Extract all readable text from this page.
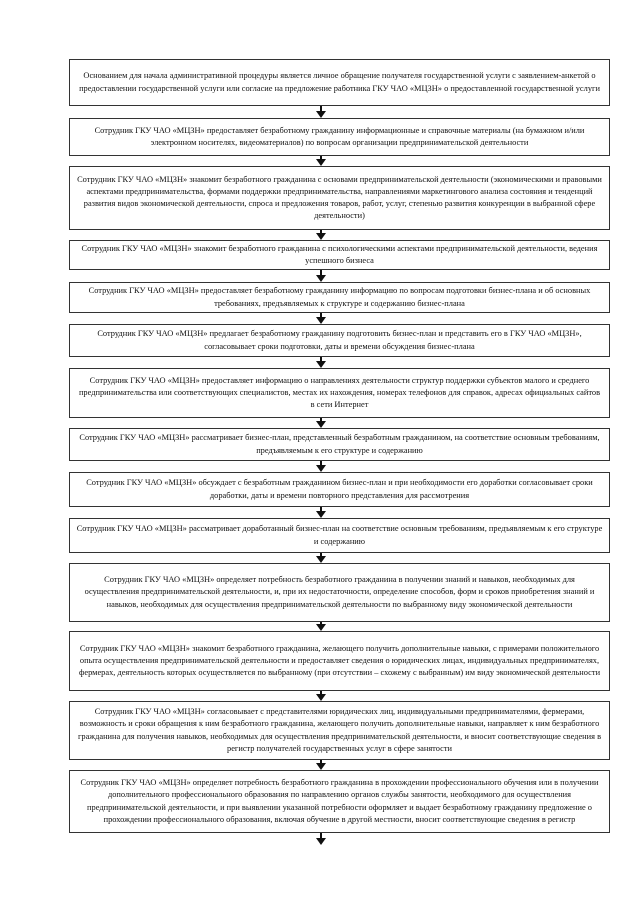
Основанием для начала административной процедуры является личное обращение получателя государственной услуги с заявлением-анкетой о предоставлении государственной услуги или согласие на предложение работника ГКУ ЧАО «МЦЗН» о предоставленной государственной услуги
Сотрудник ГКУ ЧАО «МЦЗН» предоставляет безработному гражданину информационные и справочные материалы (на бумажном и/или электронном носителях, видеоматериалов) по вопросам организации предпринимательской деятельности
Сотрудник ГКУ ЧАО «МЦЗН» знакомит безработного гражданина с основами предпринимательской деятельности (экономическими и правовыми аспектами предпринимательства, формами поддержки предпринимательства, направлениями маркетингового анализа состояния и тенденций развития видов экономической деятельности, спроса и предложения товаров, работ, услуг, степенью развития конкуренции в выбранной сфере деятельности)
Сотрудник ГКУ ЧАО «МЦЗН» знакомит безработного гражданина с психологическими аспектами предпринимательской деятельности, ведения успешного бизнеса
Сотрудник ГКУ ЧАО «МЦЗН» предоставляет безработному гражданину информацию по вопросам подготовки бизнес-плана и об основных требованиях, предъявляемых к структуре и содержанию бизнес-плана
Сотрудник ГКУ ЧАО «МЦЗН» предлагает безработному гражданину подготовить бизнес-план и представить его в ГКУ ЧАО «МЦЗН», согласовывает сроки подготовки, даты и времени обсуждения бизнес-плана
Сотрудник ГКУ ЧАО «МЦЗН» предоставляет информацию о направлениях деятельности структур поддержки субъектов малого и среднего предпринимательства или соответствующих специалистов, местах их нахождения, номерах телефонов для справок, адресах официальных сайтов в сети Интернет
Сотрудник ГКУ ЧАО «МЦЗН» рассматривает бизнес-план, представленный безработным гражданином, на соответствие основным требованиям, предъявляемым к его структуре и содержанию
Сотрудник ГКУ ЧАО «МЦЗН» обсуждает с безработным гражданином бизнес-план и при необходимости его доработки согласовывает сроки доработки, даты и времени повторного представления для рассмотрения
Сотрудник ГКУ ЧАО «МЦЗН» рассматривает доработанный бизнес-план на соответствие основным требованиям, предъявляемым к его структуре и содержанию
Сотрудник ГКУ ЧАО «МЦЗН» определяет потребность безработного гражданина в получении знаний и навыков, необходимых для осуществления предпринимательской деятельности, и, при их недостаточности, определение способов, форм и сроков приобретения знаний и навыков, необходимых для осуществления предпринимательской деятельности по выбранному виду экономической деятельности
Сотрудник ГКУ ЧАО «МЦЗН» знакомит безработного гражданина, желающего получить дополнительные навыки, с примерами положительного опыта осуществления предпринимательской деятельности и предоставляет сведения о юридических лицах, индивидуальных предпринимателях, фермерах, деятельность которых осуществляется по выбранному (при отсутствии – схожему с выбранным) им виду экономической деятельности
Сотрудник ГКУ ЧАО «МЦЗН» согласовывает с представителями юридических лиц, индивидуальными предпринимателями, фермерами, возможность и сроки обращения к ним безработного гражданина, желающего получить дополнительные навыки, направляет к ним безработного гражданина для получения навыков, необходимых для осуществления предпринимательской деятельности, и вносит соответствующие сведения в регистр получателей государственных услуг в сфере занятости
Сотрудник ГКУ ЧАО «МЦЗН» определяет потребность безработного гражданина в прохождении профессионального обучения или в получении дополнительного профессионального образования по направлению органов службы занятости, необходимого для осуществления предпринимательской деятельности, и при выявлении указанной потребности оформляет и выдает безработному гражданину предложение о прохождении профессионального образования, включая обучение в другой местности, вносит соответствующие сведения в регистр
